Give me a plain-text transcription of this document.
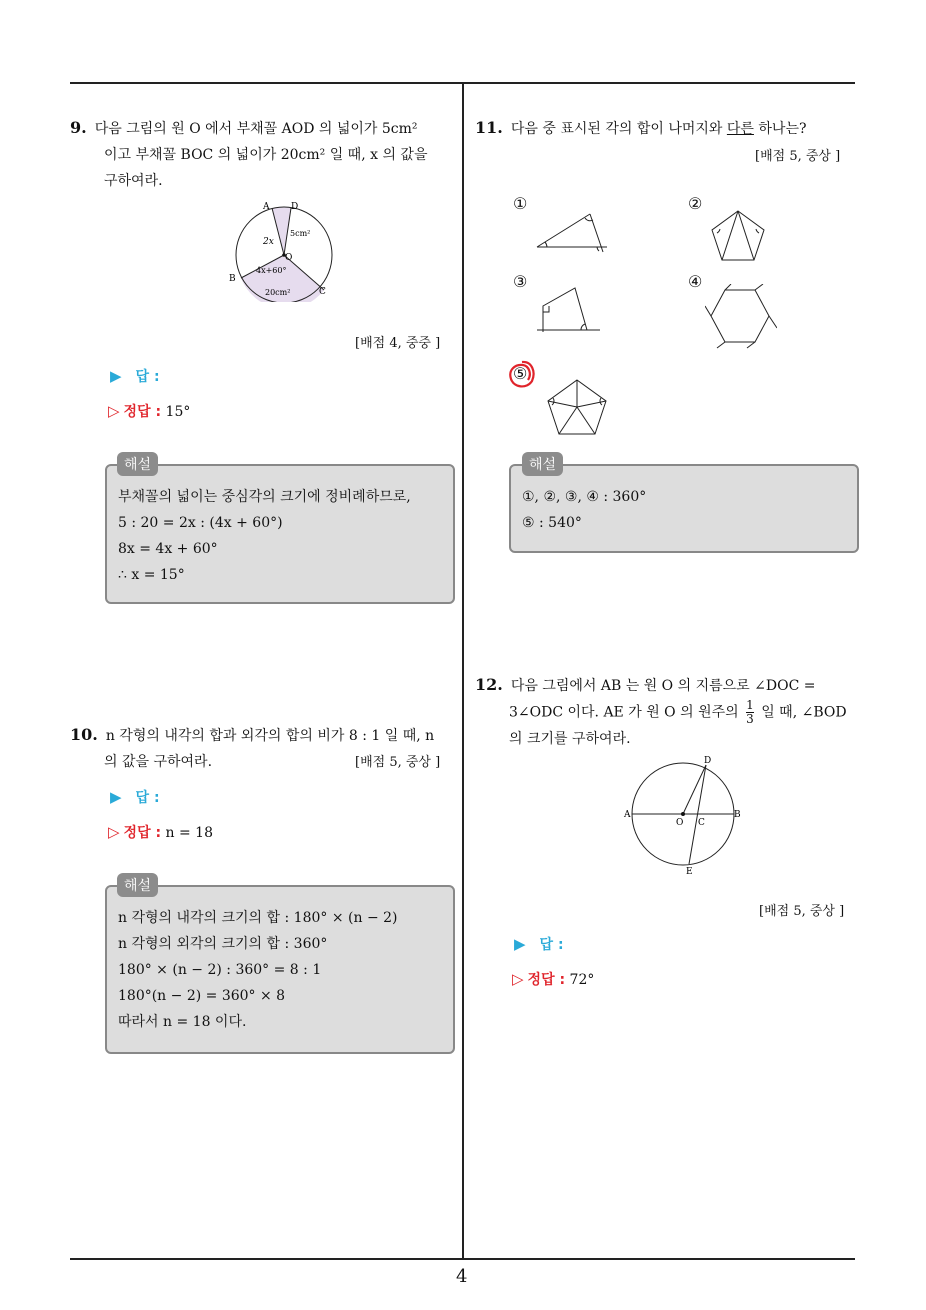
4
9. 다음 그림의 원 O 에서 부채꼴 AOD 의 넓이가 5cm²
이고 부채꼴 BOC 의 넓이가 20cm² 일 때, x 의 값을
구하여라.
A D
B
C
O
2x
5cm²
4x+60°
20cm²
[배점 4, 중중 ]
▶ 답 :
▷ 정답 : 15°
해설
부채꼴의 넓이는 중심각의 크기에 정비례하므로,
5 : 20 = 2x : (4x + 60°)
8x = 4x + 60°
∴ x = 15°
10. n 각형의 내각의 합과 외각의 합의 비가 8 : 1 일 때, n
의 값을 구하여라.	[배점 5, 중상 ]
▶ 답 :
▷ 정답 : n = 18
해설
n 각형의 내각의 크기의 합 : 180° × (n − 2)
n 각형의 외각의 크기의 합 : 360°
180° × (n − 2) : 360° = 8 : 1
180°(n − 2) = 360° × 8
따라서 n = 18 이다.
11. 다음 중 표시된 각의 합이 나머지와 다른 하나는?
[배점 5, 중상 ]
①	②
③	④
⑤
해설
①, ②, ③, ④ : 360°
⑤ : 540°
12. 다음 그림에서 AB 는 원 O 의 지름으로 ∠DOC =
3∠ODC 이다. AE 가 원 O 의 원주의 $\frac{1}{3}$ 일 때, ∠BOD
의 크기를 구하여라.
A	B
O C
D
E
[배점 5, 중상 ]
▶ 답 :
▷ 정답 : 72°
